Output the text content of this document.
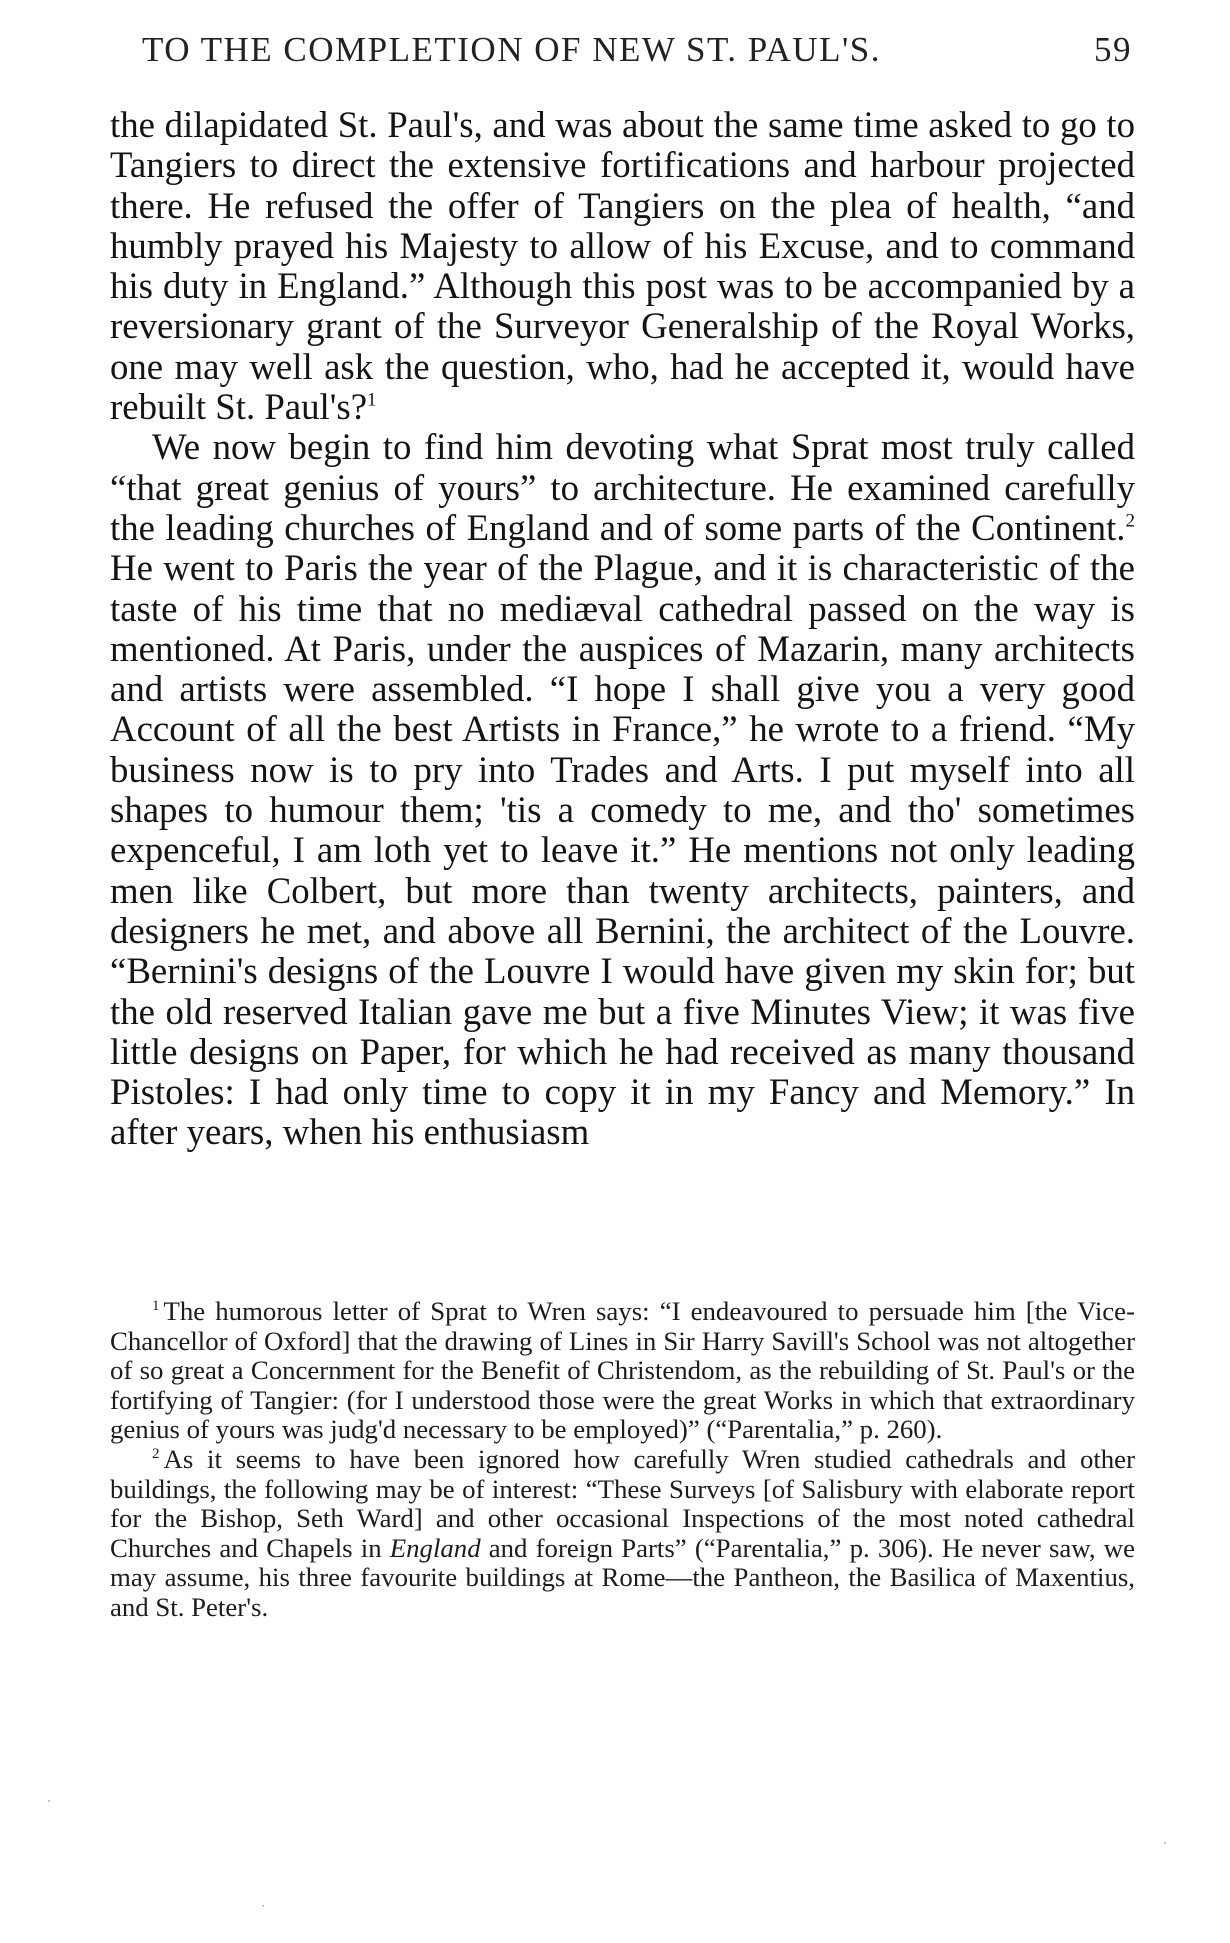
TO THE COMPLETION OF NEW ST. PAUL'S.	59

the dilapidated St. Paul's, and was about the same time asked to go to Tangiers to direct the extensive fortifications and harbour projected there. He refused the offer of Tangiers on the plea of health, “and humbly prayed his Majesty to allow of his Excuse, and to command his duty in England.” Although this post was to be accompanied by a reversionary grant of the Surveyor Generalship of the Royal Works, one may well ask the question, who, had he accepted it, would have rebuilt St. Paul's?$^1$

We now begin to find him devoting what Sprat most truly called “that great genius of yours” to architecture. He examined carefully the leading churches of England and of some parts of the Continent.$^2$ He went to Paris the year of the Plague, and it is characteristic of the taste of his time that no mediæval cathedral passed on the way is mentioned. At Paris, under the auspices of Mazarin, many architects and artists were assembled. “I hope I shall give you a very good Account of all the best Artists in France,” he wrote to a friend. “My business now is to pry into Trades and Arts. I put myself into all shapes to humour them; 'tis a comedy to me, and tho' sometimes expenceful, I am loth yet to leave it.” He mentions not only leading men like Colbert, but more than twenty architects, painters, and designers he met, and above all Bernini, the architect of the Louvre. “Bernini's designs of the Louvre I would have given my skin for; but the old reserved Italian gave me but a five Minutes View; it was five little designs on Paper, for which he had received as many thousand Pistoles: I had only time to copy it in my Fancy and Memory.” In after years, when his enthusiasm

$^1$ The humorous letter of Sprat to Wren says: “I endeavoured to persuade him [the Vice-Chancellor of Oxford] that the drawing of Lines in Sir Harry Savill's School was not altogether of so great a Concernment for the Benefit of Christendom, as the rebuilding of St. Paul's or the fortifying of Tangier: (for I understood those were the great Works in which that extraordinary genius of yours was judg'd necessary to be employed)” (“Parentalia,” p. 260).

$^2$ As it seems to have been ignored how carefully Wren studied cathedrals and other buildings, the following may be of interest: “These Surveys [of Salisbury with elaborate report for the Bishop, Seth Ward] and other occasional Inspections of the most noted cathedral Churches and Chapels in England and foreign Parts” (“Parentalia,” p. 306). He never saw, we may assume, his three favourite buildings at Rome—the Pantheon, the Basilica of Maxentius, and St. Peter's.
